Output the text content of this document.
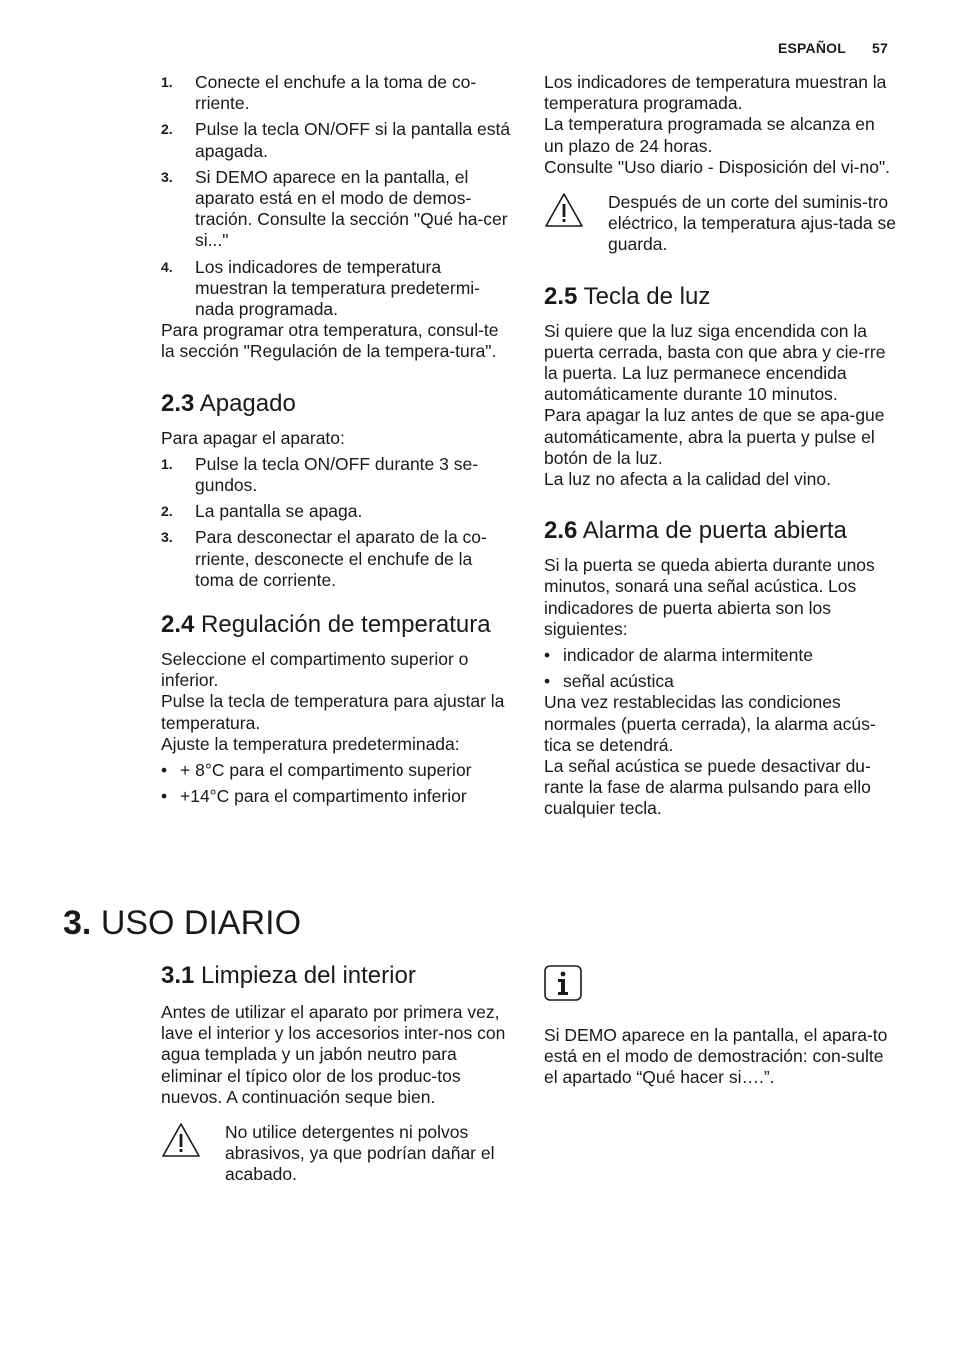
ESPAÑOL 57
1. Conecte el enchufe a la toma de co-rriente.
2. Pulse la tecla ON/OFF si la pantalla está apagada.
3. Si DEMO aparece en la pantalla, el aparato está en el modo de demos-tración. Consulte la sección "Qué ha-cer si..."
4. Los indicadores de temperatura muestran la temperatura predetermi-nada programada.

Para programar otra temperatura, consul-te la sección "Regulación de la tempera-tura".

2.3 Apagado

Para apagar el aparato:

1. Pulse la tecla ON/OFF durante 3 se-gundos.
2. La pantalla se apaga.
3. Para desconectar el aparato de la co-rriente, desconecte el enchufe de la toma de corriente.
2.4 Regulación de temperatura

Seleccione el compartimento superior o inferior.

Pulse la tecla de temperatura para ajustar la temperatura.

Ajuste la temperatura predeterminada:

• + 8°C para el compartimento superior
• +14°C para el compartimento inferior

Los indicadores de temperatura muestran la temperatura programada.

La temperatura programada se alcanza en un plazo de 24 horas.

Consulte "Uso diario - Disposición del vi-no".

Después de un corte del suminis-tro eléctrico, la temperatura ajus-tada se guarda.
2.5 Tecla de luz

Si quiere que la luz siga encendida con la puerta cerrada, basta con que abra y cie-rre la puerta. La luz permanece encendida automáticamente durante 10 minutos.

Para apagar la luz antes de que se apa-gue automáticamente, abra la puerta y pulse el botón de la luz.

La luz no afecta a la calidad del vino.

2.6 Alarma de puerta abierta

Si la puerta se queda abierta durante unos minutos, sonará una señal acústica. Los indicadores de puerta abierta son los siguientes:

• indicador de alarma intermitente
• señal acústica

Una vez restablecidas las condiciones normales (puerta cerrada), la alarma acús-tica se detendrá.

La señal acústica se puede desactivar du-rante la fase de alarma pulsando para ello cualquier tecla.

3. USO DIARIO
3.1 Limpieza del interior

Antes de utilizar el aparato por primera vez, lave el interior y los accesorios inter-nos con agua templada y un jabón neutro para eliminar el típico olor de los produc-tos nuevos. A continuación seque bien.

No utilice detergentes ni polvos abrasivos, ya que podrían dañar el acabado.

Si DEMO aparece en la pantalla, el apara-to está en el modo de demostración: con-sulte el apartado “Qué hacer si….”.
